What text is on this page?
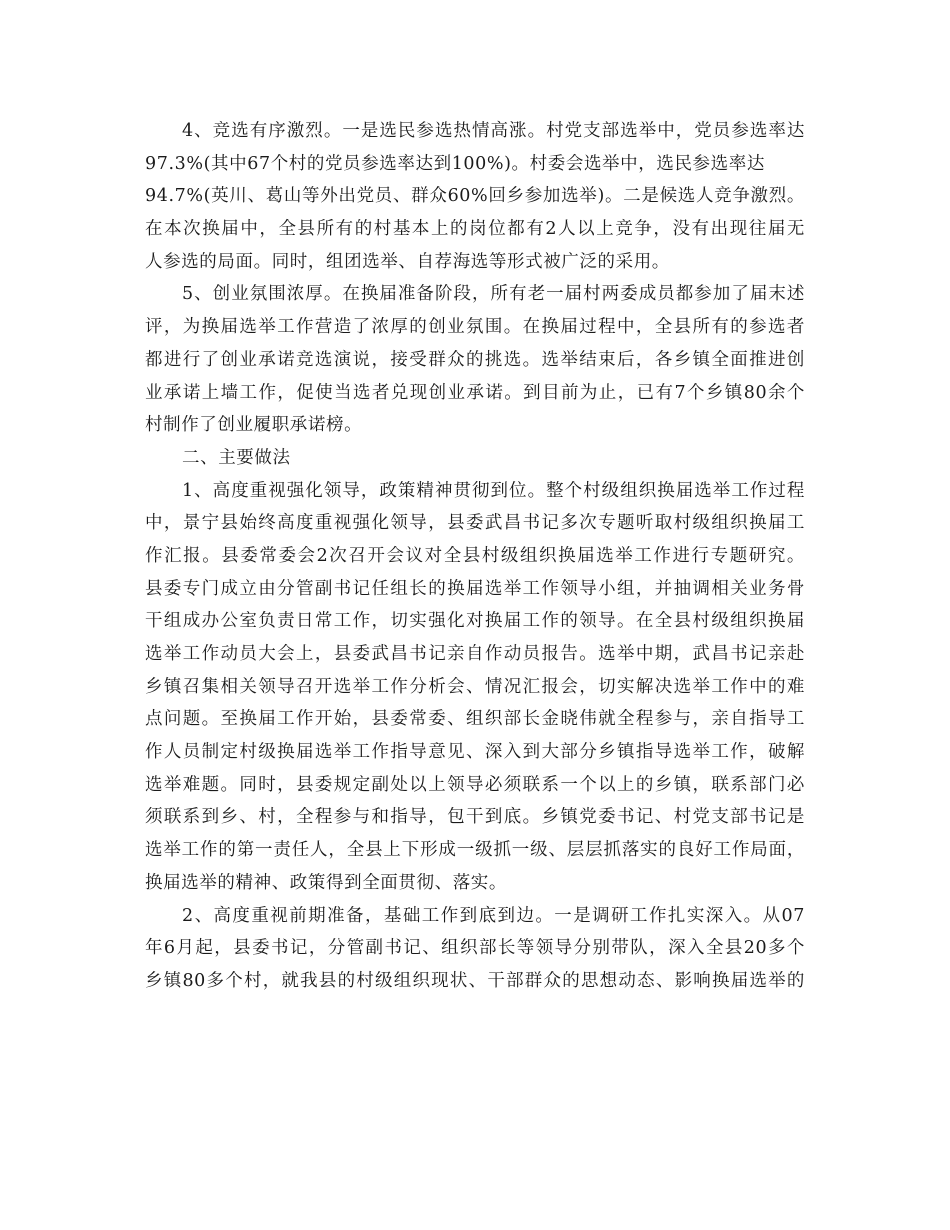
4、竞选有序激烈。一是选民参选热情高涨。村党支部选举中，党员参选率达
97.3%(其中67个村的党员参选率达到100%)。村委会选举中，选民参选率达
94.7%(英川、葛山等外出党员、群众60%回乡参加选举)。二是候选人竞争激烈。
在本次换届中，全县所有的村基本上的岗位都有2人以上竞争，没有出现往届无
人参选的局面。同时，组团选举、自荐海选等形式被广泛的采用。
5、创业氛围浓厚。在换届准备阶段，所有老一届村两委成员都参加了届末述
评，为换届选举工作营造了浓厚的创业氛围。在换届过程中，全县所有的参选者
都进行了创业承诺竞选演说，接受群众的挑选。选举结束后，各乡镇全面推进创
业承诺上墙工作，促使当选者兑现创业承诺。到目前为止，已有7个乡镇80余个
村制作了创业履职承诺榜。
二、主要做法
1、高度重视强化领导，政策精神贯彻到位。整个村级组织换届选举工作过程
中，景宁县始终高度重视强化领导，县委武昌书记多次专题听取村级组织换届工
作汇报。县委常委会2次召开会议对全县村级组织换届选举工作进行专题研究。
县委专门成立由分管副书记任组长的换届选举工作领导小组，并抽调相关业务骨
干组成办公室负责日常工作，切实强化对换届工作的领导。在全县村级组织换届
选举工作动员大会上，县委武昌书记亲自作动员报告。选举中期，武昌书记亲赴
乡镇召集相关领导召开选举工作分析会、情况汇报会，切实解决选举工作中的难
点问题。至换届工作开始，县委常委、组织部长金晓伟就全程参与，亲自指导工
作人员制定村级换届选举工作指导意见、深入到大部分乡镇指导选举工作，破解
选举难题。同时，县委规定副处以上领导必须联系一个以上的乡镇，联系部门必
须联系到乡、村，全程参与和指导，包干到底。乡镇党委书记、村党支部书记是
选举工作的第一责任人，全县上下形成一级抓一级、层层抓落实的良好工作局面，
换届选举的精神、政策得到全面贯彻、落实。
2、高度重视前期准备，基础工作到底到边。一是调研工作扎实深入。从07
年6月起，县委书记，分管副书记、组织部长等领导分别带队，深入全县20多个
乡镇80多个村，就我县的村级组织现状、干部群众的思想动态、影响换届选举的
